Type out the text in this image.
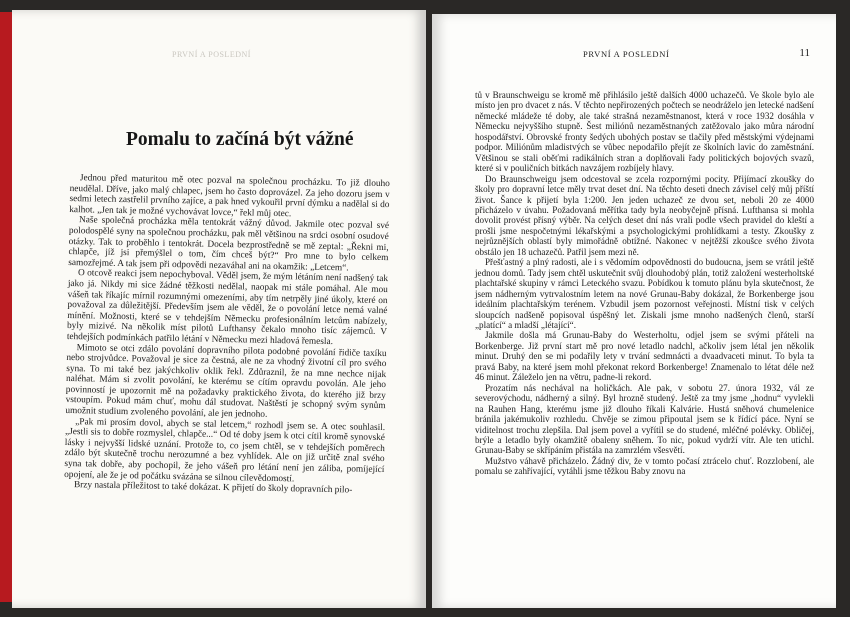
PRVNÍ A POSLEDNÍ
Pomalu to začíná být vážné

Jednou před maturitou mě otec pozval na společnou procházku. To již dlouho neudělal. Dříve, jako malý chlapec, jsem ho často doprovázel. Za jeho dozoru jsem v sedmi letech zastřelil prvního zajíce, a pak hned vykouřil první dýmku a nadělal si do kalhot. „Jen tak je možné vychovávat lovce,“ řekl můj otec.

Naše společná procházka měla tentokrát vážný důvod. Jakmile otec pozval své polodospělé syny na společnou procházku, pak měl většinou na srdci osobní osudové otázky. Tak to proběhlo i tentokrát. Docela bezprostředně se mě zeptal: „Řekni mi, chlapče, jíž jsi přemýšlel o tom, čím chceš být?“ Pro mne to bylo celkem samozřejmé. A tak jsem při odpovědi nezaváhal ani na okamžik: „Letcem“.

O otcově reakci jsem nepochyboval. Věděl jsem, že mým létáním není nadšený tak jako já. Nikdy mi sice žádné těžkosti nedělal, naopak mi stále pomáhal. Ale mou vášeň tak říkajíc mírnil rozumnými omezeními, aby tím netrpěly jiné úkoly, které on považoval za důležitější. Především jsem ale věděl, že o povolání letce nemá valné mínění. Možnosti, které se v tehdejším Německu profesionálním letcům nabízely, byly mizivé. Na několik míst pilotů Lufthansy čekalo mnoho tisíc zájemců. V tehdejších podmínkách patřilo létání v Německu mezi hladová řemesla.

Mimoto se otci zdálo povolání dopravního pilota podobné povolání řidiče taxíku nebo strojvůdce. Považoval je sice za čestná, ale ne za vhodný životní cíl pro svého syna. To mi také bez jakýchkoliv oklik řekl. Zdůraznil, že na mne nechce nijak naléhat. Mám si zvolit povolání, ke kterému se cítím opravdu povolán. Ale jeho povinností je upozornit mě na požadavky praktického života, do kterého již brzy vstoupím. Pokud mám chuť, mohu dál studovat. Naštěstí je schopný svým synům umožnit studium zvoleného povolání, ale jen jednoho.

„Pak mi prosím dovol, abych se stal letcem,“ rozhodl jsem se. A otec souhlasil. „Jestli sis to dobře rozmyslel, chlapče...“ Od té doby jsem k otci cítil kromě synovské lásky i nejvyšší lidské uznání. Protože to, co jsem chtěl, se v tehdejších poměrech zdálo být skutečně trochu nerozumné a bez vyhlídek. Ale on již určitě znal svého syna tak dobře, aby pochopil, že jeho vášeň pro létání není jen záliba, pomíjející opojení, ale že je od počátku svázána se silnou cílevědomostí.

Brzy nastala příležitost to také dokázat. K přijetí do školy dopravních pilo-

PRVNÍ A POSLEDNÍ	11

tů v Braunschweigu se kromě mě přihlásilo ještě dalších 4000 uchazečů. Ve škole bylo ale místo jen pro dvacet z nás. V těchto nepřirozených počtech se neodráželo jen letecké nadšení německé mládeže té doby, ale také strašná nezaměstnanost, která v roce 1932 dosáhla v Německu nejvyššího stupně. Šest miliónů nezaměstnaných zatěžovalo jako můra národní hospodářství. Obrovské fronty šedých ubohých postav se tlačily před městskými výdejnami podpor. Miliónům mladistvých se vůbec nepodařilo přejít ze školních lavic do zaměstnání. Většinou se stali oběťmi radikálních stran a doplňovali řady politických bojových svazů, které si v pouličních bitkách navzájem rozbíjely hlavy.

Do Braunschweigu jsem odcestoval se zcela rozpornými pocity. Přijímací zkoušky do školy pro dopravní letce měly trvat deset dní. Na těchto deseti dnech závisel celý můj příští život. Šance k přijetí byla 1:200. Jen jeden uchazeč ze dvou set, neboli 20 ze 4000 přicházelo v úvahu. Požadovaná měřítka tady byla neobyčejně přísná. Lufthansa si mohla dovolit provést přísný výběr. Na celých deset dní nás vrali podle všech pravidel do kleští a prošli jsme nespočetnými lékařskými a psychologickými prohlídkami a testy. Zkoušky z nejrůznějších oblastí byly mimořádně obtížné. Nakonec v nejtěžší zkoušce svého života obstálo jen 18 uchazečů. Patřil jsem mezi ně.

Přešťastný a plný radosti, ale i s vědomím odpovědnosti do budoucna, jsem se vrátil ještě jednou domů. Tady jsem chtěl uskutečnit svůj dlouhodobý plán, totiž založení westerholtské plachtařské skupiny v rámci Leteckého svazu. Pobídkou k tomuto plánu byla skutečnost, že jsem nádherným vytrvalostním letem na nové Grunau-Baby dokázal, že Borkenberge jsou ideálním plachtařským terénem. Vzbudil jsem pozornost veřejnosti. Místní tisk v celých sloupcích nadšeně popisoval úspěšný let. Ziskali jsme mnoho nadšených členů, starší „platící“ a mladší „létající“.

Jakmile došla má Grunau-Baby do Westerholtu, odjel jsem se svými přáteli na Borkenberge. Již první start mě pro nové letadlo nadchl, ačkoliv jsem létal jen několik minut. Druhý den se mi podařily lety v trvání sedmnácti a dvaadvaceti minut. To byla ta pravá Baby, na které jsem mohl překonat rekord Borkenberge! Znamenalo to létat déle než 46 minut. Záleželo jen na větru, padne-li rekord.

Prozatím nás nechával na holičkách. Ale pak, v sobotu 27. února 1932, vál ze severovýchodu, nádherný a silný. Byl hrozně studený. Ještě za tmy jsme „hodnu“ vyvlekli na Rauhen Hang, kterému jsme již dlouho říkali Kalvárie. Hustá sněhová chumelenice bránila jakémukoliv rozhledu. Chvěje se zimou připoutal jsem se k řídící páce. Nyní se viditelnost trochu zlepšila. Dal jsem povel a vyřítil se do studené, mléčné polévky. Obličej, brýle a letadlo byly okamžitě obaleny sněhem. To nic, pokud vydrží vítr. Ale ten utichl. Grunau-Baby se skřípáním přistála na zamrzlém všesvětí.

Mužstvo váhavě přicházelo. Žádný div, že v tomto počasí ztrácelo chuť. Rozzlobení, ale pomalu se zahřívající, vytáhli jsme těžkou Baby znovu na
